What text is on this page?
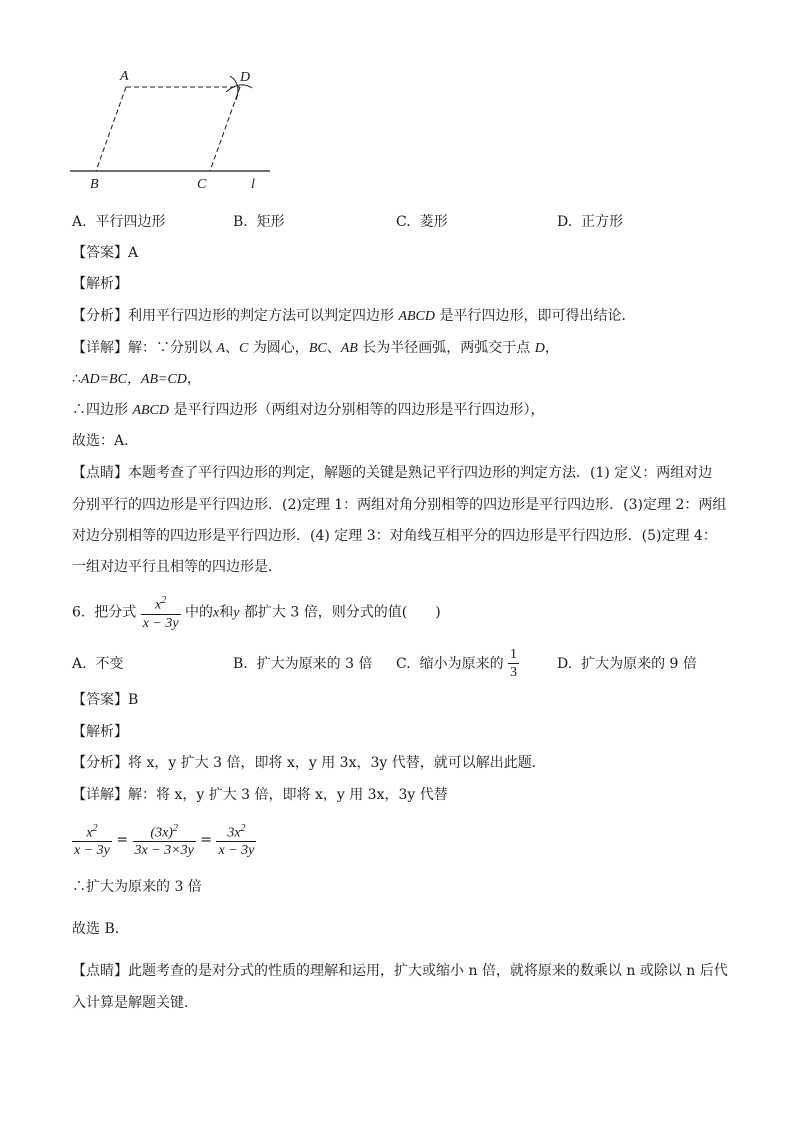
A	D
B	C	l
A. 平行四边形	B. 矩形	C. 菱形	D. 正方形
【答案】A
【解析】
【分析】利用平行四边形的判定方法可以判定四边形 ABCD 是平行四边形，即可得出结论．
【详解】解：∵分别以 A、C 为圆心，BC、AB 长为半径画弧，两弧交于点 D，
∴AD=BC，AB=CD，
∴四边形 ABCD 是平行四边形（两组对边分别相等的四边形是平行四边形），
故选：A．
【点睛】本题考查了平行四边形的判定，解题的关键是熟记平行四边形的判定方法．(1) 定义：两组对边
分别平行的四边形是平行四边形．(2)定理 1：两组对角分别相等的四边形是平行四边形．(3)定理 2：两组
对边分别相等的四边形是平行四边形．(4) 定理 3：对角线互相平分的四边形是平行四边形．(5)定理 4：
一组对边平行且相等的四边形是．
6. 把分式 $\frac{x^2}{x - 3y}$ 中的x和y 都扩大 3 倍，则分式的值(　　)
A. 不变	B. 扩大为原来的 3 倍 C. 缩小为原来的 $\frac{1}{3}$	D. 扩大为原来的 9 倍
【答案】B
【解析】
【分析】将 x，y 扩大 3 倍，即将 x，y 用 3x，3y 代替，就可以解出此题．
【详解】解：将 x，y 扩大 3 倍，即将 x，y 用 3x，3y 代替
$\frac{x^2}{x - 3y} = \frac{(3x)^2}{3x - 3\times 3y} = \frac{3x^2}{x - 3y}$
∴扩大为原来的 3 倍
故选 B．
【点睛】此题考查的是对分式的性质的理解和运用，扩大或缩小 n 倍，就将原来的数乘以 n 或除以 n 后代
入计算是解题关键．
